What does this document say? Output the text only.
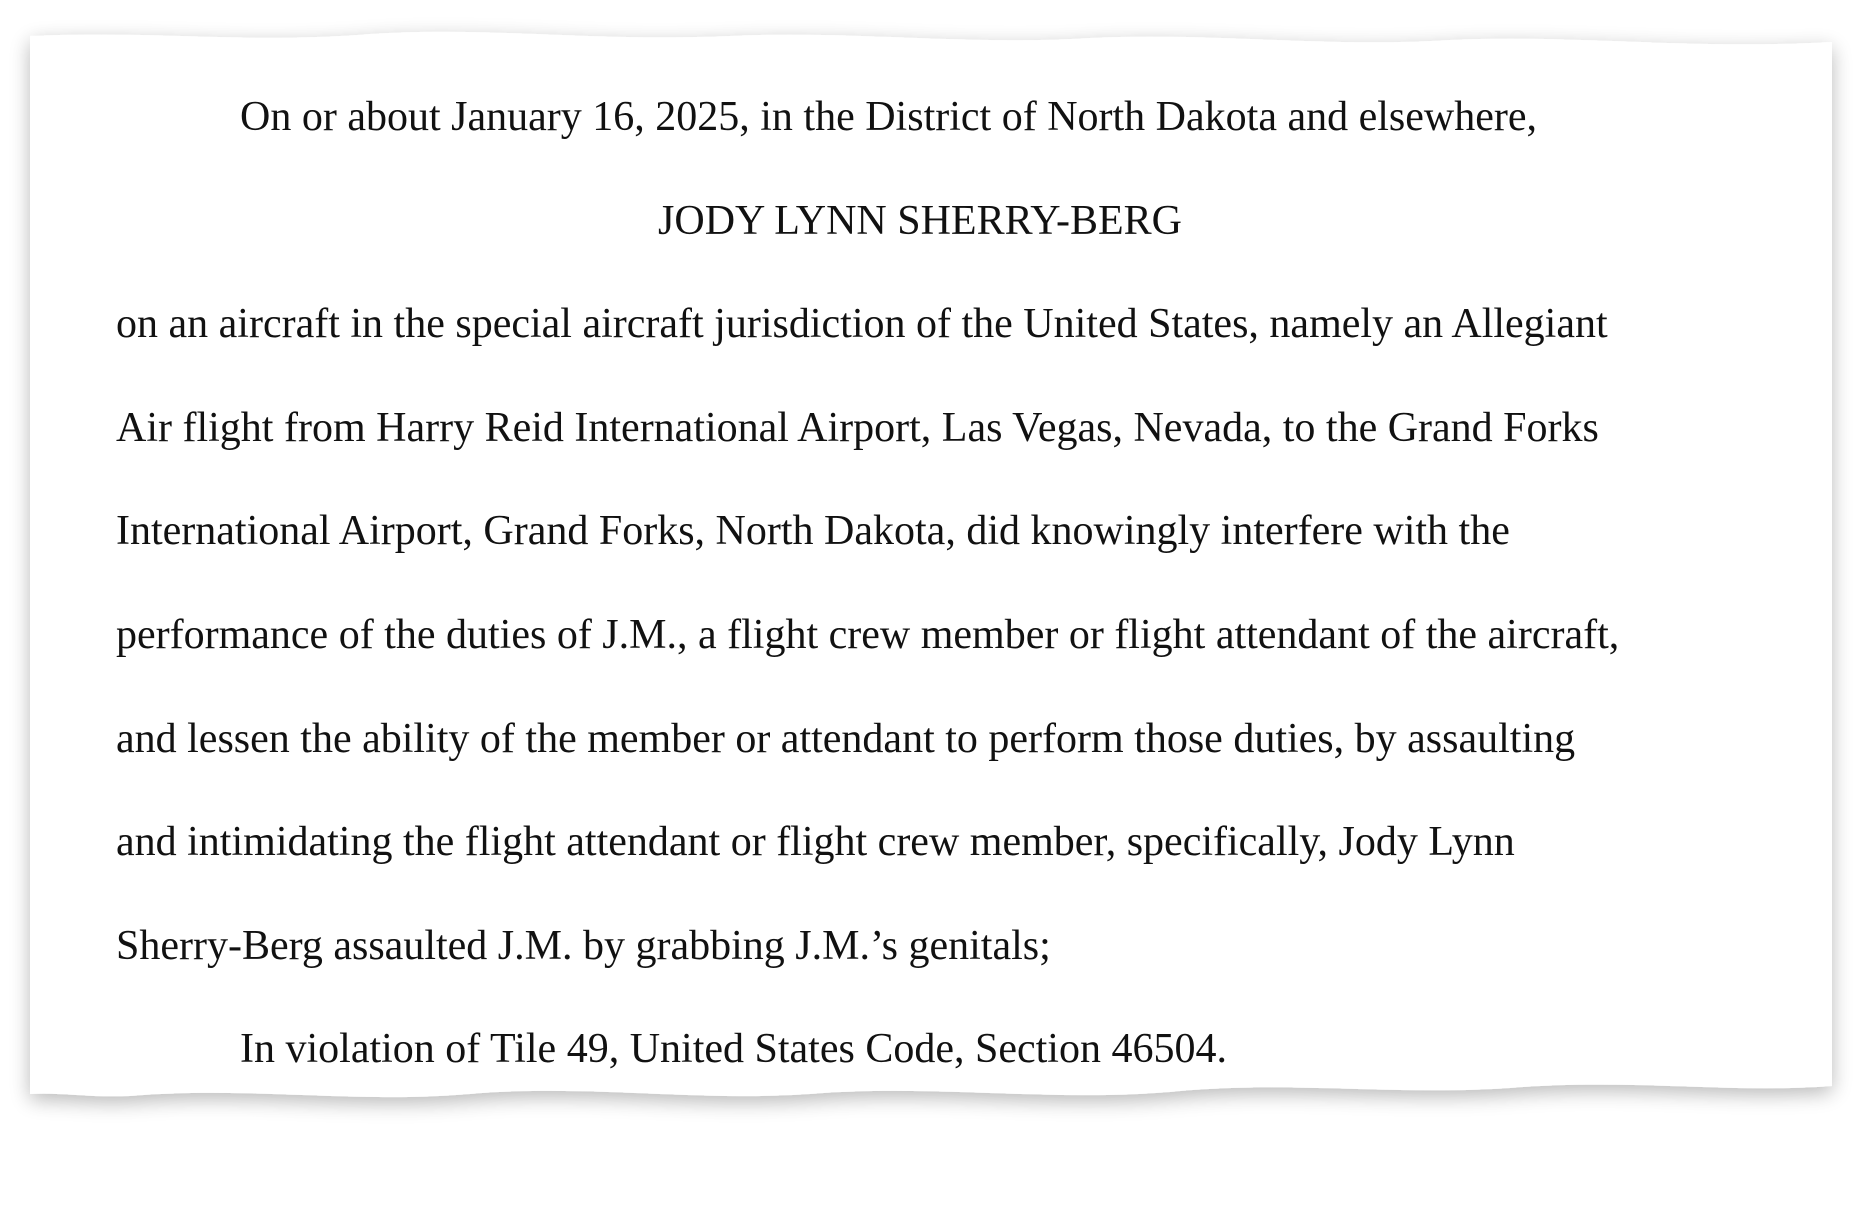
On or about January 16, 2025, in the District of North Dakota and elsewhere,
JODY LYNN SHERRY-BERG
on an aircraft in the special aircraft jurisdiction of the United States, namely an Allegiant
Air flight from Harry Reid International Airport, Las Vegas, Nevada, to the Grand Forks
International Airport, Grand Forks, North Dakota, did knowingly interfere with the
performance of the duties of J.M., a flight crew member or flight attendant of the aircraft,
and lessen the ability of the member or attendant to perform those duties, by assaulting
and intimidating the flight attendant or flight crew member, specifically, Jody Lynn
Sherry-Berg assaulted J.M. by grabbing J.M.’s genitals;
In violation of Tile 49, United States Code, Section 46504.
